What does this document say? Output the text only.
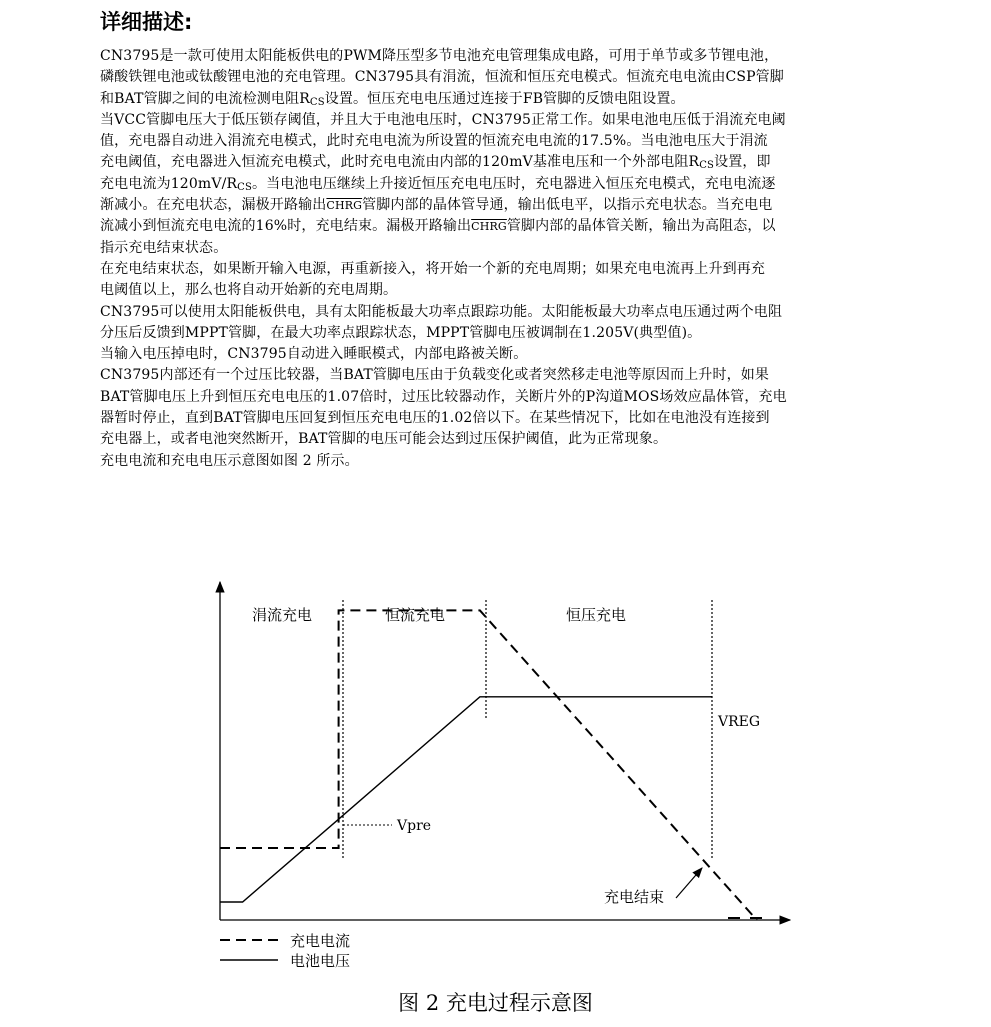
详细描述:

CN3795是一款可使用太阳能板供电的PWM降压型多节电池充电管理集成电路，可用于单节或多节锂电池，
磷酸铁锂电池或钛酸锂电池的充电管理。CN3795具有涓流，恒流和恒压充电模式。恒流充电电流由CSP管脚
和BAT管脚之间的电流检测电阻$R_{CS}$设置。恒压充电电压通过连接于FB管脚的反馈电阻设置。

当VCC管脚电压大于低压锁存阈值，并且大于电池电压时，CN3795正常工作。如果电池电压低于涓流充电阈
值，充电器自动进入涓流充电模式，此时充电电流为所设置的恒流充电电流的17.5%。当电池电压大于涓流
充电阈值，充电器进入恒流充电模式，此时充电电流由内部的120mV基准电压和一个外部电阻$R_{CS}$设置，即
充电电流为$120mV/R_{CS}$。当电池电压继续上升接近恒压充电电压时，充电器进入恒压充电模式，充电电流逐
渐减小。在充电状态，漏极开路输出CHRG管脚内部的晶体管导通，输出低电平，以指示充电状态。当充电电
流减小到恒流充电电流的16%时，充电结束。漏极开路输出CHRG管脚内部的晶体管关断，输出为高阻态，以
指示充电结束状态。

在充电结束状态，如果断开输入电源，再重新接入，将开始一个新的充电周期；如果充电电流再上升到再充
电阈值以上，那么也将自动开始新的充电周期。

CN3795可以使用太阳能板供电，具有太阳能板最大功率点跟踪功能。太阳能板最大功率点电压通过两个电阻
分压后反馈到MPPT管脚，在最大功率点跟踪状态，MPPT管脚电压被调制在1.205V(典型值)。

当输入电压掉电时，CN3795自动进入睡眠模式，内部电路被关断。

CN3795内部还有一个过压比较器，当BAT管脚电压由于负载变化或者突然移走电池等原因而上升时，如果
BAT管脚电压上升到恒压充电电压的1.07倍时，过压比较器动作，关断片外的P沟道MOS场效应晶体管，充电
器暂时停止，直到BAT管脚电压回复到恒压充电电压的1.02倍以下。在某些情况下，比如在电池没有连接到
充电器上，或者电池突然断开，BAT管脚的电压可能会达到过压保护阈值，此为正常现象。

充电电流和充电电压示意图如图 2 所示。

涓流充电	恒流充电	恒压充电
VREG
Vpre
充电结束
充电电流
电池电压
图 2 充电过程示意图
